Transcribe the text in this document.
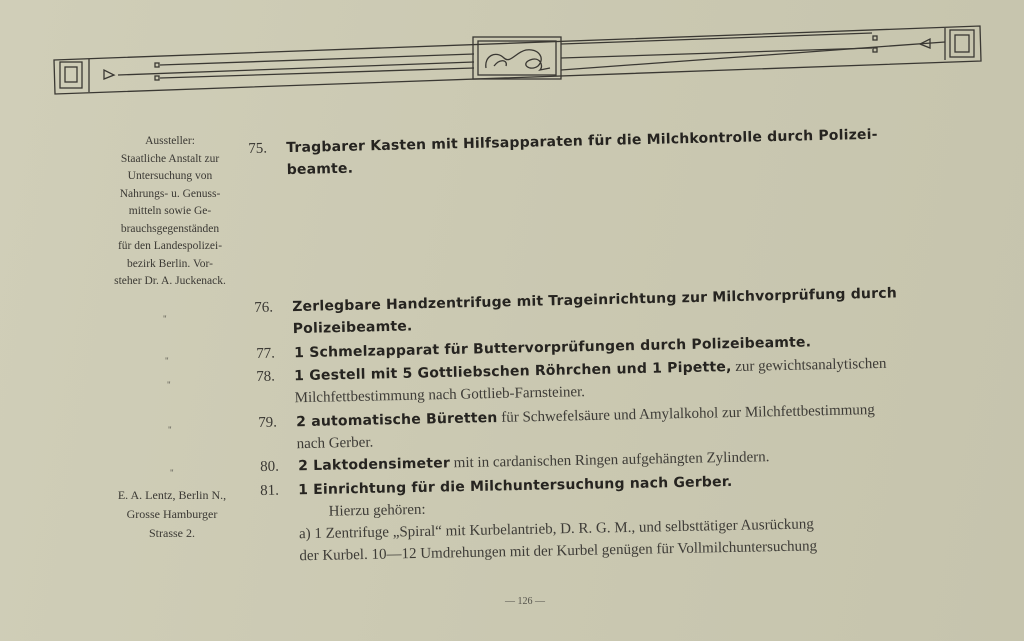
Aussteller:
Staatliche Anstalt zur
Untersuchung von
Nahrungs- u. Genuss-
mitteln sowie Ge-
brauchsgegenständen
für den Landespolizei-
bezirk Berlin. Vor-
steher Dr. A. Juckenack.
"
"
"
"
"
E. A. Lentz, Berlin N.,
Grosse Hamburger
Strasse 2.
75.	Tragbarer Kasten mit Hilfsapparaten für die Milchkontrolle durch Polizei-
beamte.
76.	Zerlegbare Handzentrifuge mit Trageinrichtung zur Milchvorprüfung durch
Polizeibeamte.
77.	1 Schmelzapparat für Buttervorprüfungen durch Polizeibeamte.
78.	1 Gestell mit 5 Gottliebschen Röhrchen und 1 Pipette, zur gewichtsanalytischen
Milchfettbestimmung nach Gottlieb-Farnsteiner.
79.	2 automatische Büretten für Schwefelsäure und Amylalkohol zur Milchfettbestimmung
nach Gerber.
80.	2 Laktodensimeter mit in cardanischen Ringen aufgehängten Zylindern.
81.	1 Einrichtung für die Milchuntersuchung nach Gerber.
Hierzu gehören:
a) 1 Zentrifuge „Spiral“ mit Kurbelantrieb, D. R. G. M., und selbsttätiger Ausrückung
der Kurbel. 10—12 Umdrehungen mit der Kurbel genügen für Vollmilchuntersuchung
— 126 —
